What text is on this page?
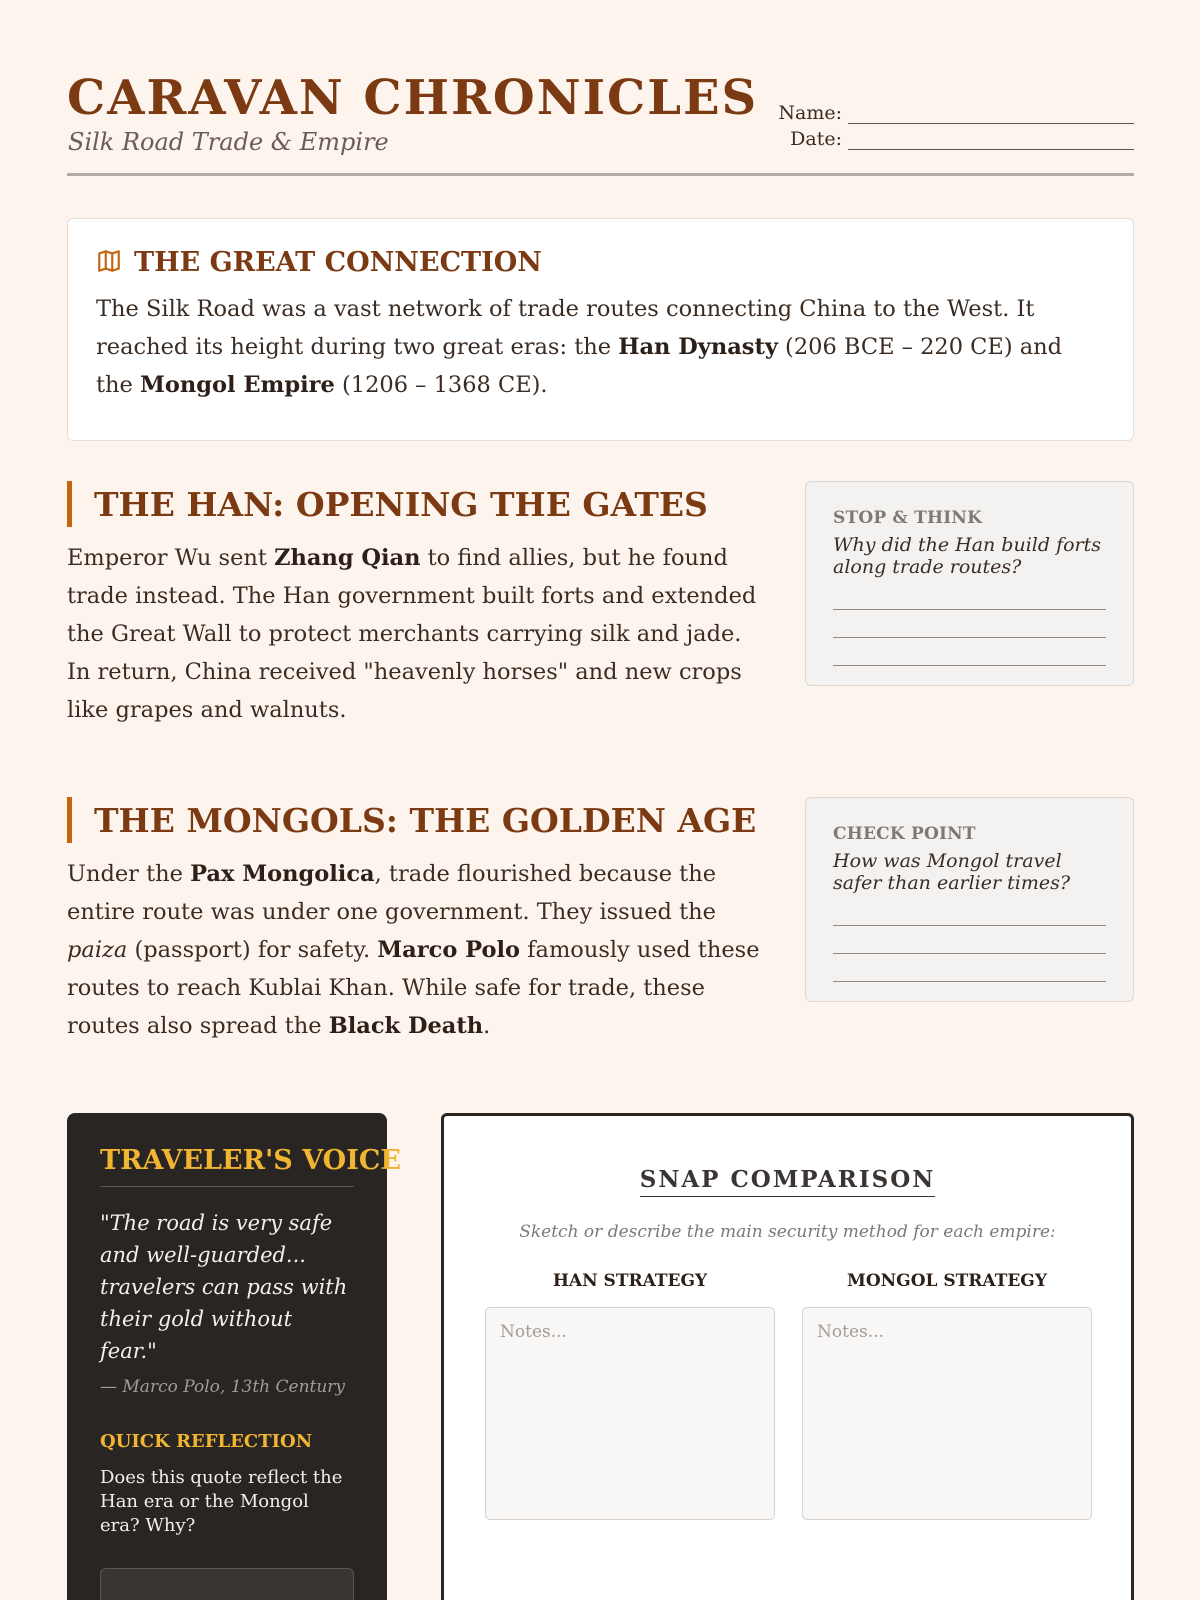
CARAVAN CHRONICLES
Silk Road Trade & Empire
Name:
Date:
THE GREAT CONNECTION

The Silk Road was a vast network of trade routes connecting China to the West. It reached its height during two great eras: the Han Dynasty (206 BCE – 220 CE) and the Mongol Empire (1206 – 1368 CE).

THE HAN: OPENING THE GATES

Emperor Wu sent Zhang Qian to find allies, but he found trade instead. The Han government built forts and extended the Great Wall to protect merchants carrying silk and jade. In return, China received "heavenly horses" and new crops like grapes and walnuts.

STOP & THINK
Why did the Han build forts along trade routes?
THE MONGOLS: THE GOLDEN AGE

Under the Pax Mongolica, trade flourished because the entire route was under one government. They issued the paiza (passport) for safety. Marco Polo famously used these routes to reach Kublai Khan. While safe for trade, these routes also spread the Black Death.

CHECK POINT
How was Mongol travel safer than earlier times?
TRAVELER'S VOICE
"The road is very safe and well-guarded... travelers can pass with their gold without fear."
— Marco Polo, 13th Century
QUICK REFLECTION
Does this quote reflect the Han era or the Mongol era? Why?
SNAP COMPARISON
Sketch or describe the main security method for each empire:
HAN STRATEGY	MONGOL STRATEGY
Notes...	Notes...
